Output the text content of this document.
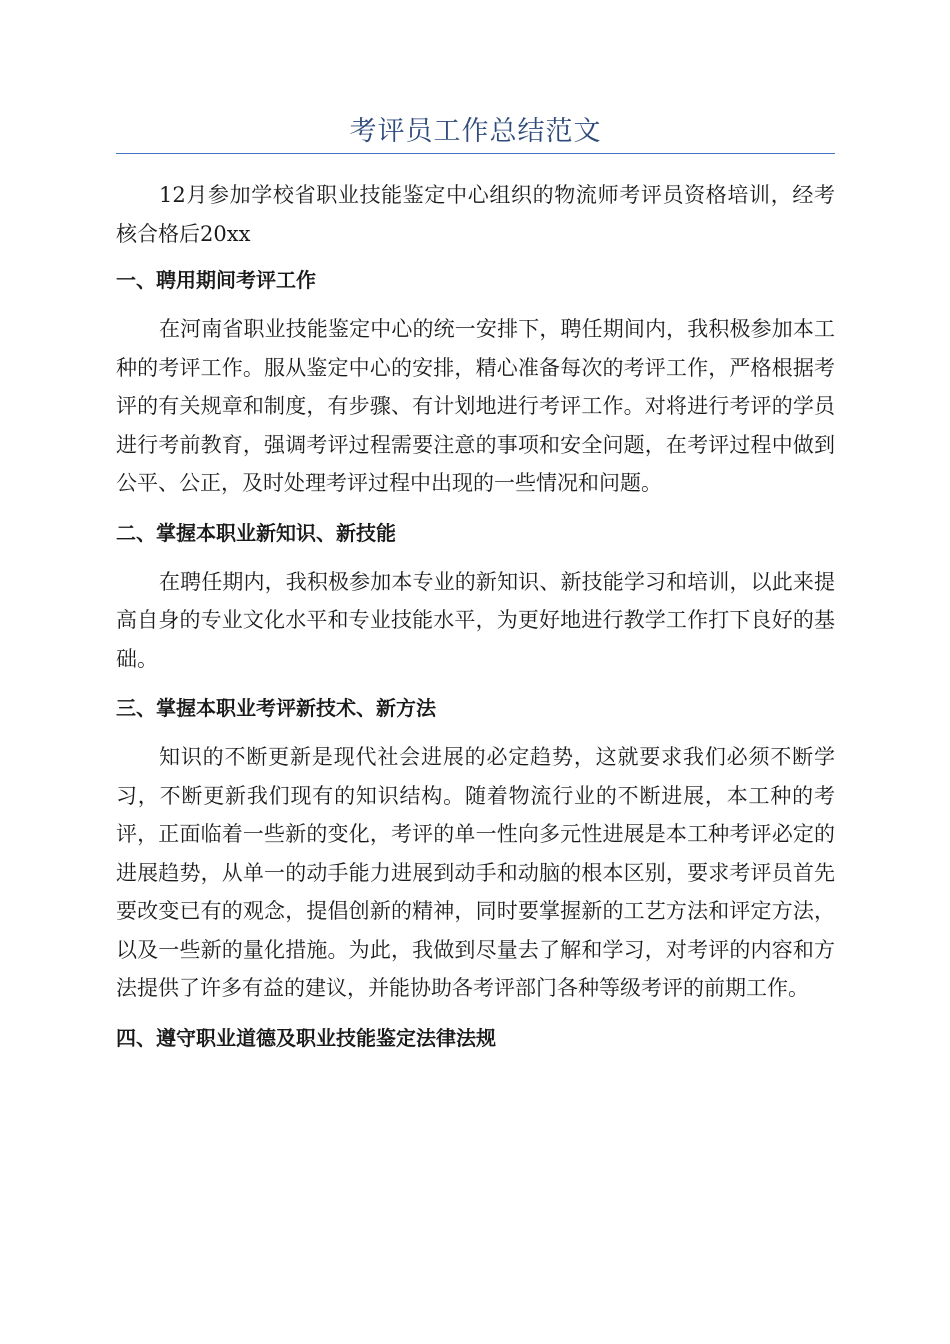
考评员工作总结范文

12月参加学校省职业技能鉴定中心组织的物流师考评员资格培训，经考核合格后20xx

一、聘用期间考评工作

在河南省职业技能鉴定中心的统一安排下，聘任期间内，我积极参加本工种的考评工作。服从鉴定中心的安排，精心准备每次的考评工作，严格根据考评的有关规章和制度，有步骤、有计划地进行考评工作。对将进行考评的学员进行考前教育，强调考评过程需要注意的事项和安全问题，在考评过程中做到公平、公正，及时处理考评过程中出现的一些情况和问题。

二、掌握本职业新知识、新技能

在聘任期内，我积极参加本专业的新知识、新技能学习和培训，以此来提高自身的专业文化水平和专业技能水平，为更好地进行教学工作打下良好的基础。

三、掌握本职业考评新技术、新方法

知识的不断更新是现代社会进展的必定趋势，这就要求我们必须不断学习，不断更新我们现有的知识结构。随着物流行业的不断进展，本工种的考评，正面临着一些新的变化，考评的单一性向多元性进展是本工种考评必定的进展趋势，从单一的动手能力进展到动手和动脑的根本区别，要求考评员首先要改变已有的观念，提倡创新的精神，同时要掌握新的工艺方法和评定方法，以及一些新的量化措施。为此，我做到尽量去了解和学习，对考评的内容和方法提供了许多有益的建议，并能协助各考评部门各种等级考评的前期工作。

四、遵守职业道德及职业技能鉴定法律法规
